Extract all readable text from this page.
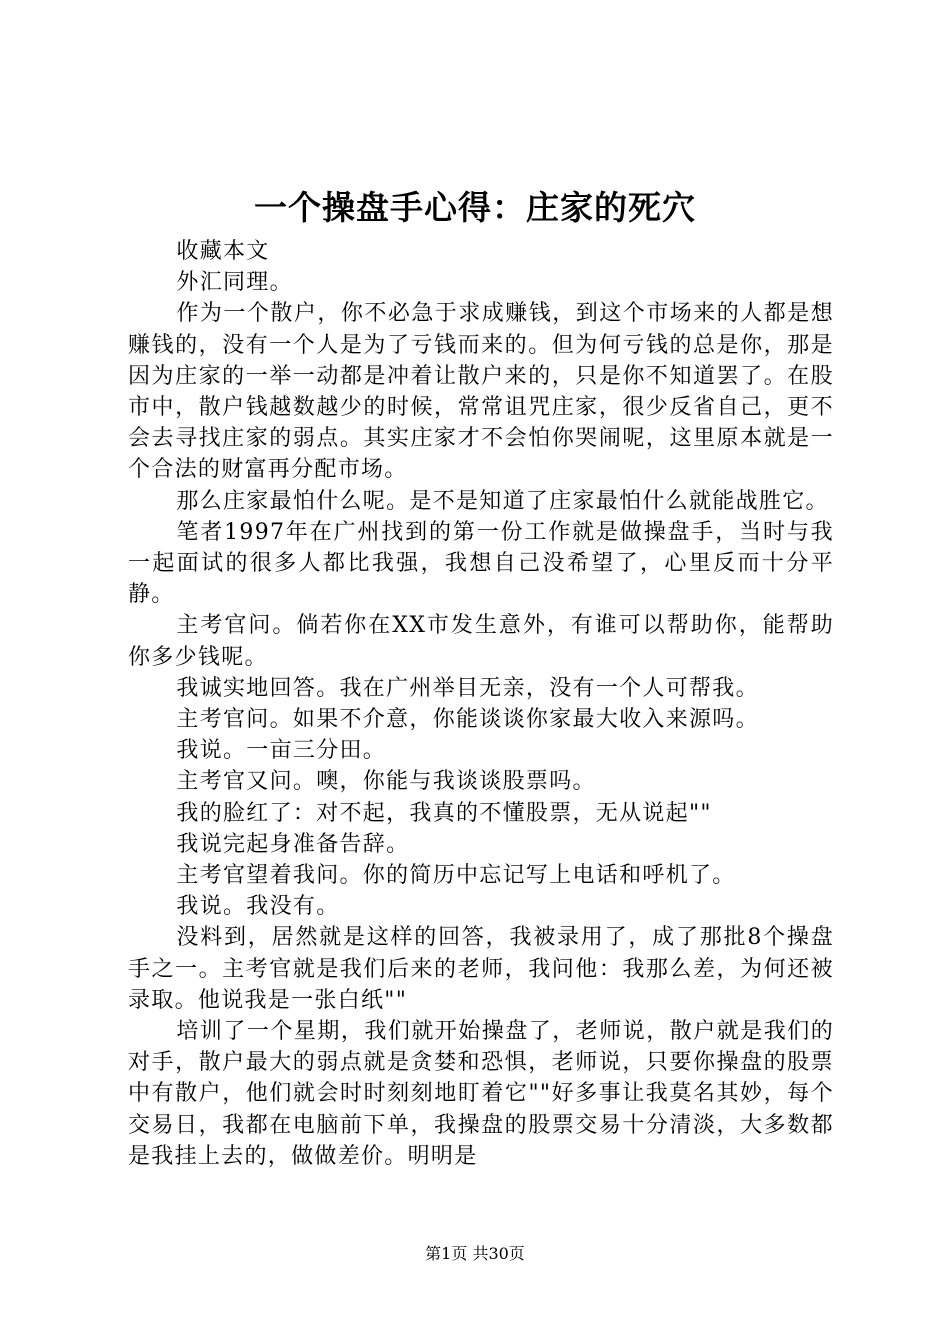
一个操盘手心得：庄家的死穴

收藏本文

外汇同理。

作为一个散户，你不必急于求成赚钱，到这个市场来的人都是想赚钱的，没有一个人是为了亏钱而来的。但为何亏钱的总是你，那是因为庄家的一举一动都是冲着让散户来的，只是你不知道罢了。在股市中，散户钱越数越少的时候，常常诅咒庄家，很少反省自己，更不会去寻找庄家的弱点。其实庄家才不会怕你哭闹呢，这里原本就是一个合法的财富再分配市场。

那么庄家最怕什么呢。是不是知道了庄家最怕什么就能战胜它。

笔者1997年在广州找到的第一份工作就是做操盘手，当时与我一起面试的很多人都比我强，我想自己没希望了，心里反而十分平静。

主考官问。倘若你在XX市发生意外，有谁可以帮助你，能帮助你多少钱呢。

我诚实地回答。我在广州举目无亲，没有一个人可帮我。

主考官问。如果不介意，你能谈谈你家最大收入来源吗。

我说。一亩三分田。

主考官又问。噢，你能与我谈谈股票吗。

我的脸红了：对不起，我真的不懂股票，无从说起""

我说完起身准备告辞。

主考官望着我问。你的简历中忘记写上电话和呼机了。

我说。我没有。

没料到，居然就是这样的回答，我被录用了，成了那批8个操盘手之一。主考官就是我们后来的老师，我问他：我那么差，为何还被录取。他说我是一张白纸""

培训了一个星期，我们就开始操盘了，老师说，散户就是我们的对手，散户最大的弱点就是贪婪和恐惧，老师说，只要你操盘的股票中有散户，他们就会时时刻刻地盯着它""好多事让我莫名其妙，每个交易日，我都在电脑前下单，我操盘的股票交易十分清淡，大多数都是我挂上去的，做做差价。明明是

第1页 共30页
